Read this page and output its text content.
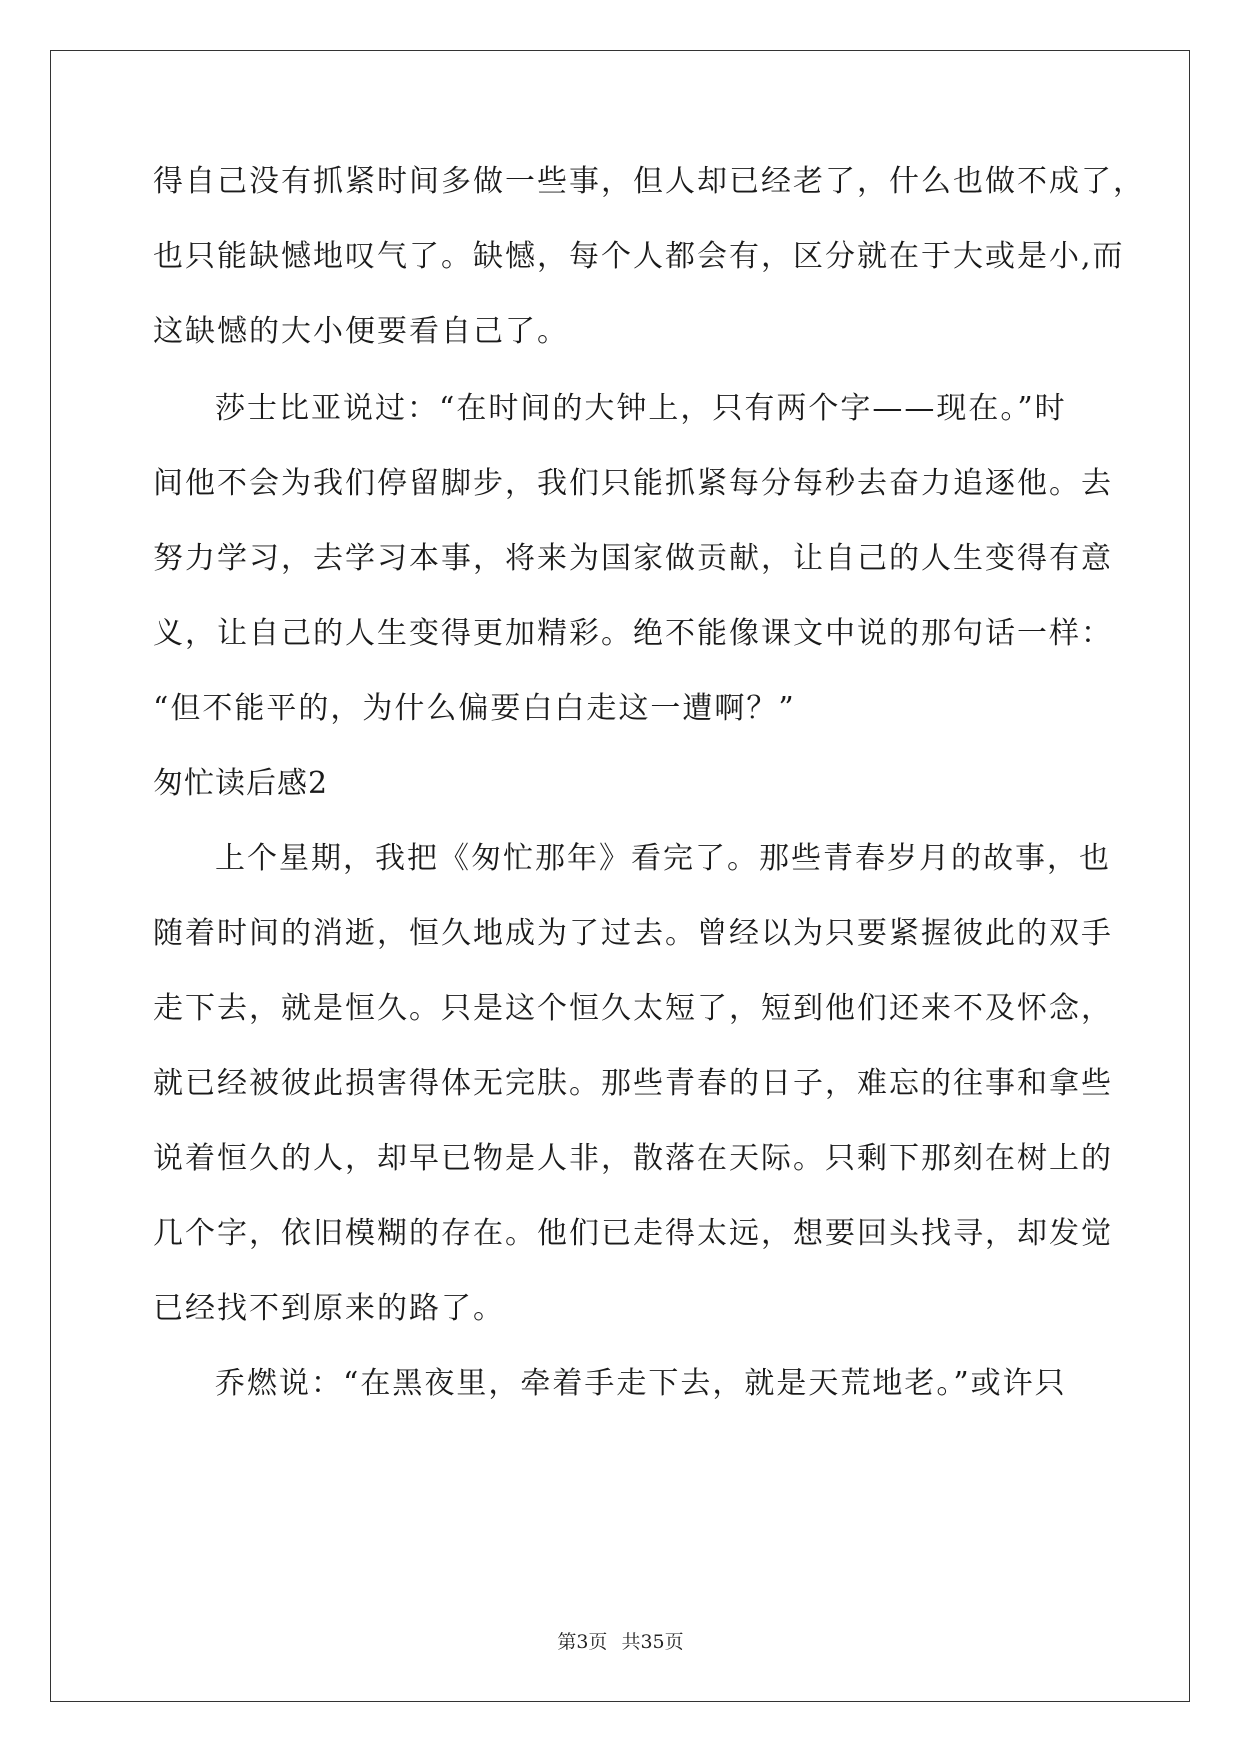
得自己没有抓紧时间多做一些事，但人却已经老了，什么也做不成了，
也只能缺憾地叹气了。缺憾，每个人都会有，区分就在于大或是小,而
这缺憾的大小便要看自己了。
莎士比亚说过：“在时间的大钟上，只有两个字——现在。”时
间他不会为我们停留脚步，我们只能抓紧每分每秒去奋力追逐他。去
努力学习，去学习本事，将来为国家做贡献，让自己的人生变得有意
义，让自己的人生变得更加精彩。绝不能像课文中说的那句话一样：
“但不能平的，为什么偏要白白走这一遭啊？”
匆忙读后感2
上个星期，我把《匆忙那年》看完了。那些青春岁月的故事，也
随着时间的消逝，恒久地成为了过去。曾经以为只要紧握彼此的双手
走下去，就是恒久。只是这个恒久太短了，短到他们还来不及怀念，
就已经被彼此损害得体无完肤。那些青春的日子，难忘的往事和拿些
说着恒久的人，却早已物是人非，散落在天际。只剩下那刻在树上的
几个字，依旧模糊的存在。他们已走得太远，想要回头找寻，却发觉
已经找不到原来的路了。
乔燃说：“在黑夜里，牵着手走下去，就是天荒地老。”或许只
第3页 共35页
